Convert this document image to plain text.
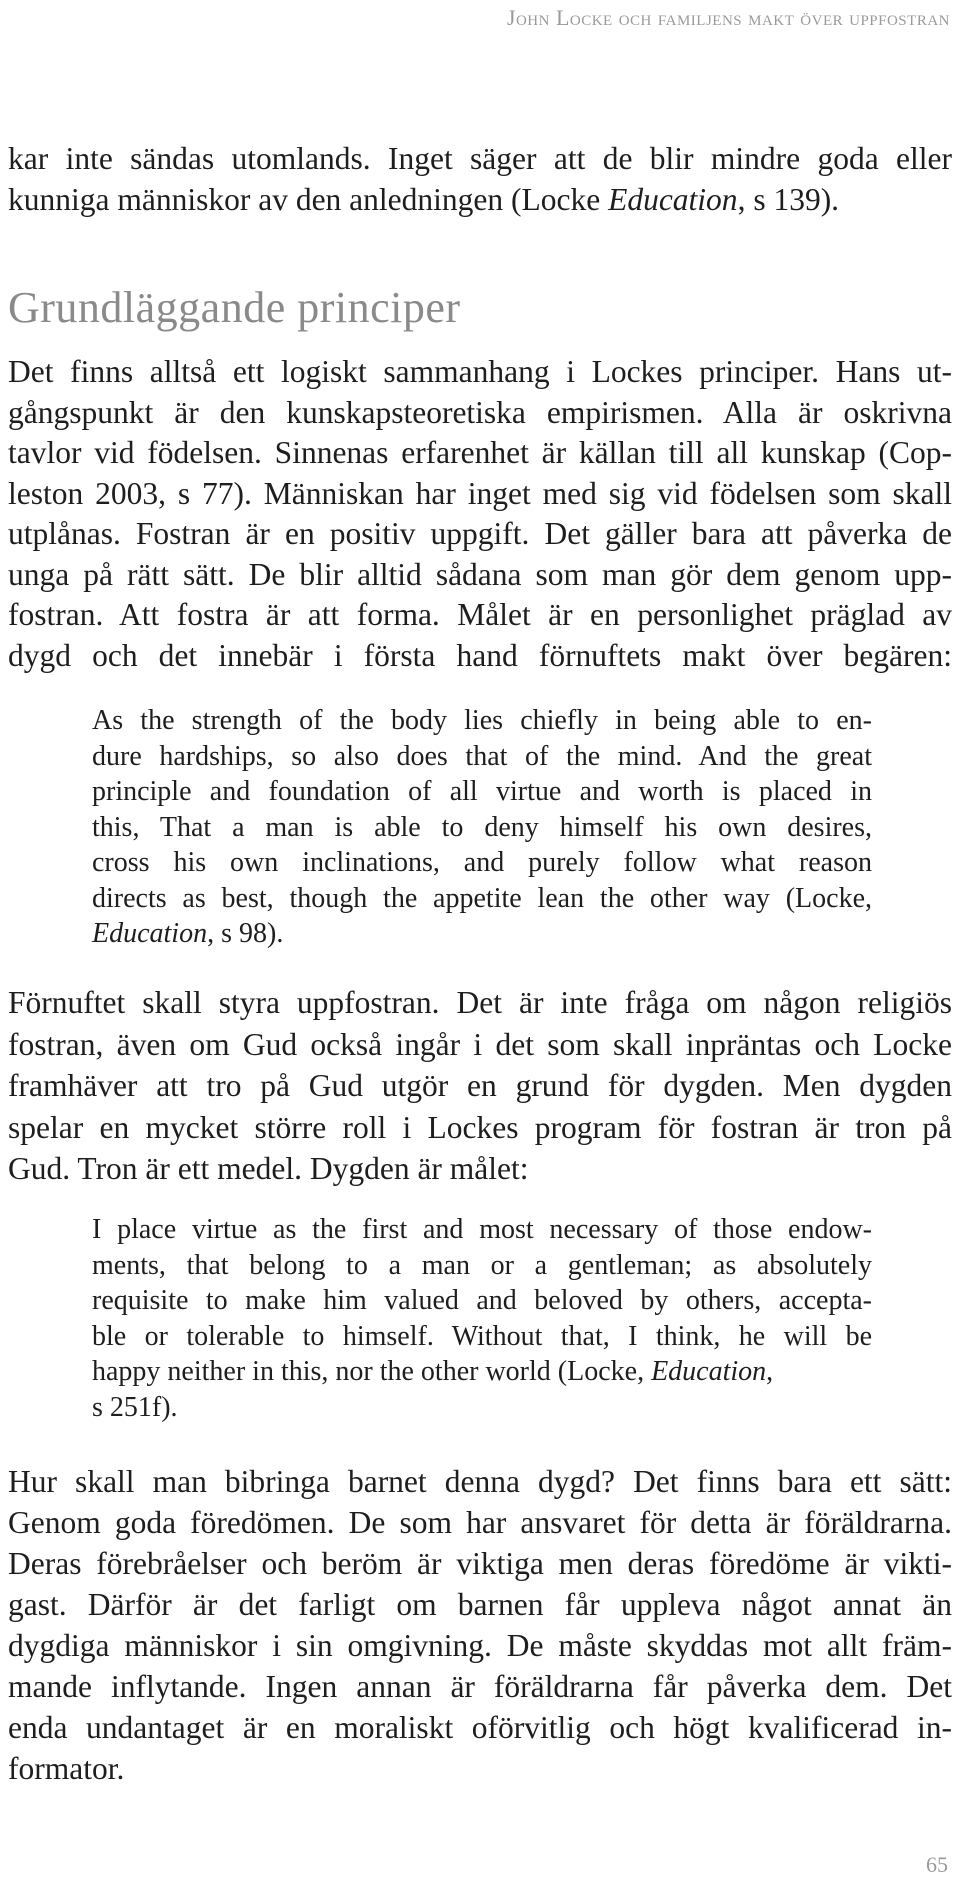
John Locke och familjens makt över uppfostran

kar inte sändas utomlands. Inget säger att de blir mindre goda eller
kunniga människor av den anledningen (Locke Education, s 139).

Grundläggande principer

Det finns alltså ett logiskt sammanhang i Lockes principer. Hans ut-
gångspunkt är den kunskapsteoretiska empirismen. Alla är oskrivna
tavlor vid födelsen. Sinnenas erfarenhet är källan till all kunskap (Cop-
leston 2003, s 77). Människan har inget med sig vid födelsen som skall
utplånas. Fostran är en positiv uppgift. Det gäller bara att påverka de
unga på rätt sätt. De blir alltid sådana som man gör dem genom upp-
fostran. Att fostra är att forma. Målet är en personlighet präglad av
dygd och det innebär i första hand förnuftets makt över begären:

As the strength of the body lies chiefly in being able to en-
dure hardships, so also does that of the mind. And the great
principle and foundation of all virtue and worth is placed in
this, That a man is able to deny himself his own desires,
cross his own inclinations, and purely follow what reason
directs as best, though the appetite lean the other way (Locke,
Education, s 98).

Förnuftet skall styra uppfostran. Det är inte fråga om någon religiös
fostran, även om Gud också ingår i det som skall inpräntas och Locke
framhäver att tro på Gud utgör en grund för dygden. Men dygden
spelar en mycket större roll i Lockes program för fostran är tron på
Gud. Tron är ett medel. Dygden är målet:

I place virtue as the first and most necessary of those endow-
ments, that belong to a man or a gentleman; as absolutely
requisite to make him valued and beloved by others, accepta-
ble or tolerable to himself. Without that, I think, he will be
happy neither in this, nor the other world (Locke, Education,
s 251f).

Hur skall man bibringa barnet denna dygd? Det finns bara ett sätt:
Genom goda föredömen. De som har ansvaret för detta är föräldrarna.
Deras förebråelser och beröm är viktiga men deras föredöme är vikti-
gast. Därför är det farligt om barnen får uppleva något annat än
dygdiga människor i sin omgivning. De måste skyddas mot allt främ-
mande inflytande. Ingen annan är föräldrarna får påverka dem. Det
enda undantaget är en moraliskt oförvitlig och högt kvalificerad in-
formator.

65
